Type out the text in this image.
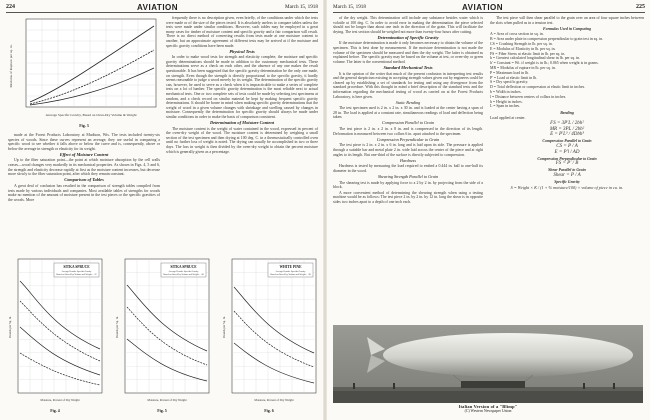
224	AVIATION	March 15, 1918	March 15, 1918	AVIATION	225
Modulus of Rupture per sq. in.
Average Specific Gravity, Based on Oven-Dry Volume & Weight
Fig. 3

made at the Forest Products Laboratory at Madison, Wis. The tests included twenty-six species of woods. Since these curves represent an average, they are useful in comparing a specific wood to see whether it falls above or below the curve and is, consequently, above or below the average in strength or elasticity for its weight.

Effect of Moisture Content

Up to the fiber saturation point—the point at which moisture absorption by the cell walls ceases—wood changes very markedly in its mechanical properties. As shown in Figs. 4, 5 and 6, the strength and elasticity decrease rapidly at first as the moisture content increases, but decrease more slowly to the fiber saturation point, after which they remain constant.

Comparison of Tables

A great deal of confusion has resulted in the comparison of strength tables compiled from tests made by various individuals and companies. Most available tables of strengths for woods make no mention of the amount of moisture present in the test pieces or the specific gravities of the woods. More

frequently there is no description given, even briefly, of the conditions under which the tests were made or of the size of the pieces tested. It is absolutely useless to compare tables unless the tests were made under similar conditions. However, such tables may be employed in a great many cases for timber of moisture content and specific gravity and a fair comparison will result. There is no direct method of converting results from tests made at one moisture content to another, but an approximate agreement of different tests may be arrived at if the moisture and specific gravity conditions have been made.

Physical Tests

In order to make wood tests for strength and elasticity complete, the moisture and specific gravity determinations should be made in addition to the customary mechanical tests. These determinations serve as a check on each other, and the absence of any one makes the result questionable. It has been suggested that the specific gravity determination be the only one made, on strength. Even though the strength is directly proportional to the specific gravity, it hardly seems reasonable to judge a wood merely by its weight. The determination of the specific gravity can, however, be used to serve as a check when it is impracticable to make a series of complete tests on a lot of lumber. The specific gravity determination is the most reliable next to actual mechanical tests. One or two complete sets of tests could be made by selecting test specimens at random, and a check record on similar material be kept by making frequent specific gravity determinations. It should be borne in mind when making specific gravity determinations that the weight of wood in a given volume changes with shrinkage and swelling caused by changes in moisture. Consequently the determination for specific gravity should always be made under similar conditions in order to make the basis of comparison consistent.

Determination of Moisture Content

The moisture content is the weight of water contained in the wood, expressed in percent of the oven-dry weight of the wood. The moisture content is determined by weighing a small section of the test specimen and then drying at 100 deg. C. in a thermostatically controlled oven until no further loss of weight is noted. The drying can usually be accomplished in two or three days. The loss in weight is then divided by the oven-dry weight to obtain the percent moisture which is generally given as a percentage.

SITKA SPRUCE
Average Results. Specific Gravity
Based on Oven-Dry Volume and Weight = .37
Pounds per Sq. In.
Moisture, Percent of Dry Weight
Fig. 4
SITKA SPRUCE
Average Results. Specific Gravity
Based on Oven-Dry Volume and Weight = .38
Pounds per Sq. In.
Moisture, Percent of Dry Weight
Fig. 5
WHITE PINE
Average Results. Specific Gravity
Based on Oven-Dry Volume and Weight = .38
Pounds per Sq. In.
Moisture, Percent of Dry Weight
Fig. 6

of the dry weight. This determination will include any substance besides water which is volatile at 100 deg. C. In order to avoid error in making the determination the piece selected should not be longer than about one inch in the direction of the grain. This will facilitate the drying. The test section should be weighed not more than twenty-four hours after cutting.

Determination of Specific Gravity

If the moisture determination is made it only becomes necessary to obtain the volume of the specimen. This is best done by measurement. If the moisture determination is not made the volume of the specimen should be measured and then the dry weight. The latter is obtained as explained before. The specific gravity may be based on the volume at test, or oven-dry or green volume. The latter is the conventional method.

Standard Mechanical Tests

It is the opinion of the writer that much of the present confusion in interpreting test results and the general skepticism existing in accepting strength values given out by engineers could be cleared up by establishing a set of standards for testing and using any divergence from the standard procedure. With this thought in mind a brief description of the standard tests and the information regarding the mechanical testing of wood as carried on at the Forest Products Laboratory, is here given.

Static Bending

The test specimen used is 2 in. x 2 in. x 30 in. and is loaded at the center having a span of 28 in. The load is applied at a constant rate, simultaneous readings of load and deflection being taken.

Compression Parallel to Grain

The test piece is 2 in. x 2 in. x 8 in. and is compressed in the direction of its length. Deformation is measured between two collars 6 in. apart attached to the specimen.

Compression Perpendicular to Grain

The test piece is 2 in. x 2 in. x 6 in. long and is laid upon its side. The pressure is applied through a suitable bar and metal plate 2 in. wide laid across the center of the piece and at right angles to its length. But one-third of the surface is directly subjected to compression.

Hardness

Hardness is tested by measuring the load required to embed a 0.444 in. ball to one-half its diameter in the wood.

Shearing Strength Parallel to Grain

The shearing test is made by applying force to a 2 by 2 in. by projecting from the side of a block.

A more convenient method of determining the shearing strength when using a testing machine would be as follows: The test piece 2 in. by 2 in. by 12 in. long the shear is in opposite sides two inches apart to a depth of one inch each.

The test piece will then shear parallel to the grain over an area of four square inches between the slots when pulled as in a tension test.

Formulas Used in Computing
A = Area of cross section in sq. in.
B = Area under plate in compression perpendicular to grain test in sq. in.
CS = Crushing Strength in lb. per sq. in.
E = Modulus of Elasticity in lb. per sq. in.
FS = Fiber Stress at elastic limit in lb. per sq. in.
h = Greatest calculated longitudinal shear in lb. per sq. in.
h' = Constant = Wt. if weight is in lb.; 0.065 when weight is in grams.
MR = Modulus of rupture in lb. per sq. in.
P = Maximum load in lb.
P' = Load at elastic limit in lb.
S = Dry specific gravity.
D = Total deflection or compression at elastic limit in inches.
b = Width in inches.
l = Distance between centers of collars in inches.
h = Height in inches.
L = Span in inches.
Bending
Load applied at center.
FS = 3P'L / 2bh²
MR = 3PL / 2bh²
E = P'L³ / 4Dbh³
Compression Parallel to Grain
CS = P / A
E = P'l / AD
Compression Perpendicular to Grain
FS = P' / B
Shear Parallel to Grain
Shear = P / A
Specific Gravity
S = Weight × K / (1 + % moisture/100) × volume of piece in cu. in.
Italian Version of a "Blimp"
(C) Western Newspaper Union
